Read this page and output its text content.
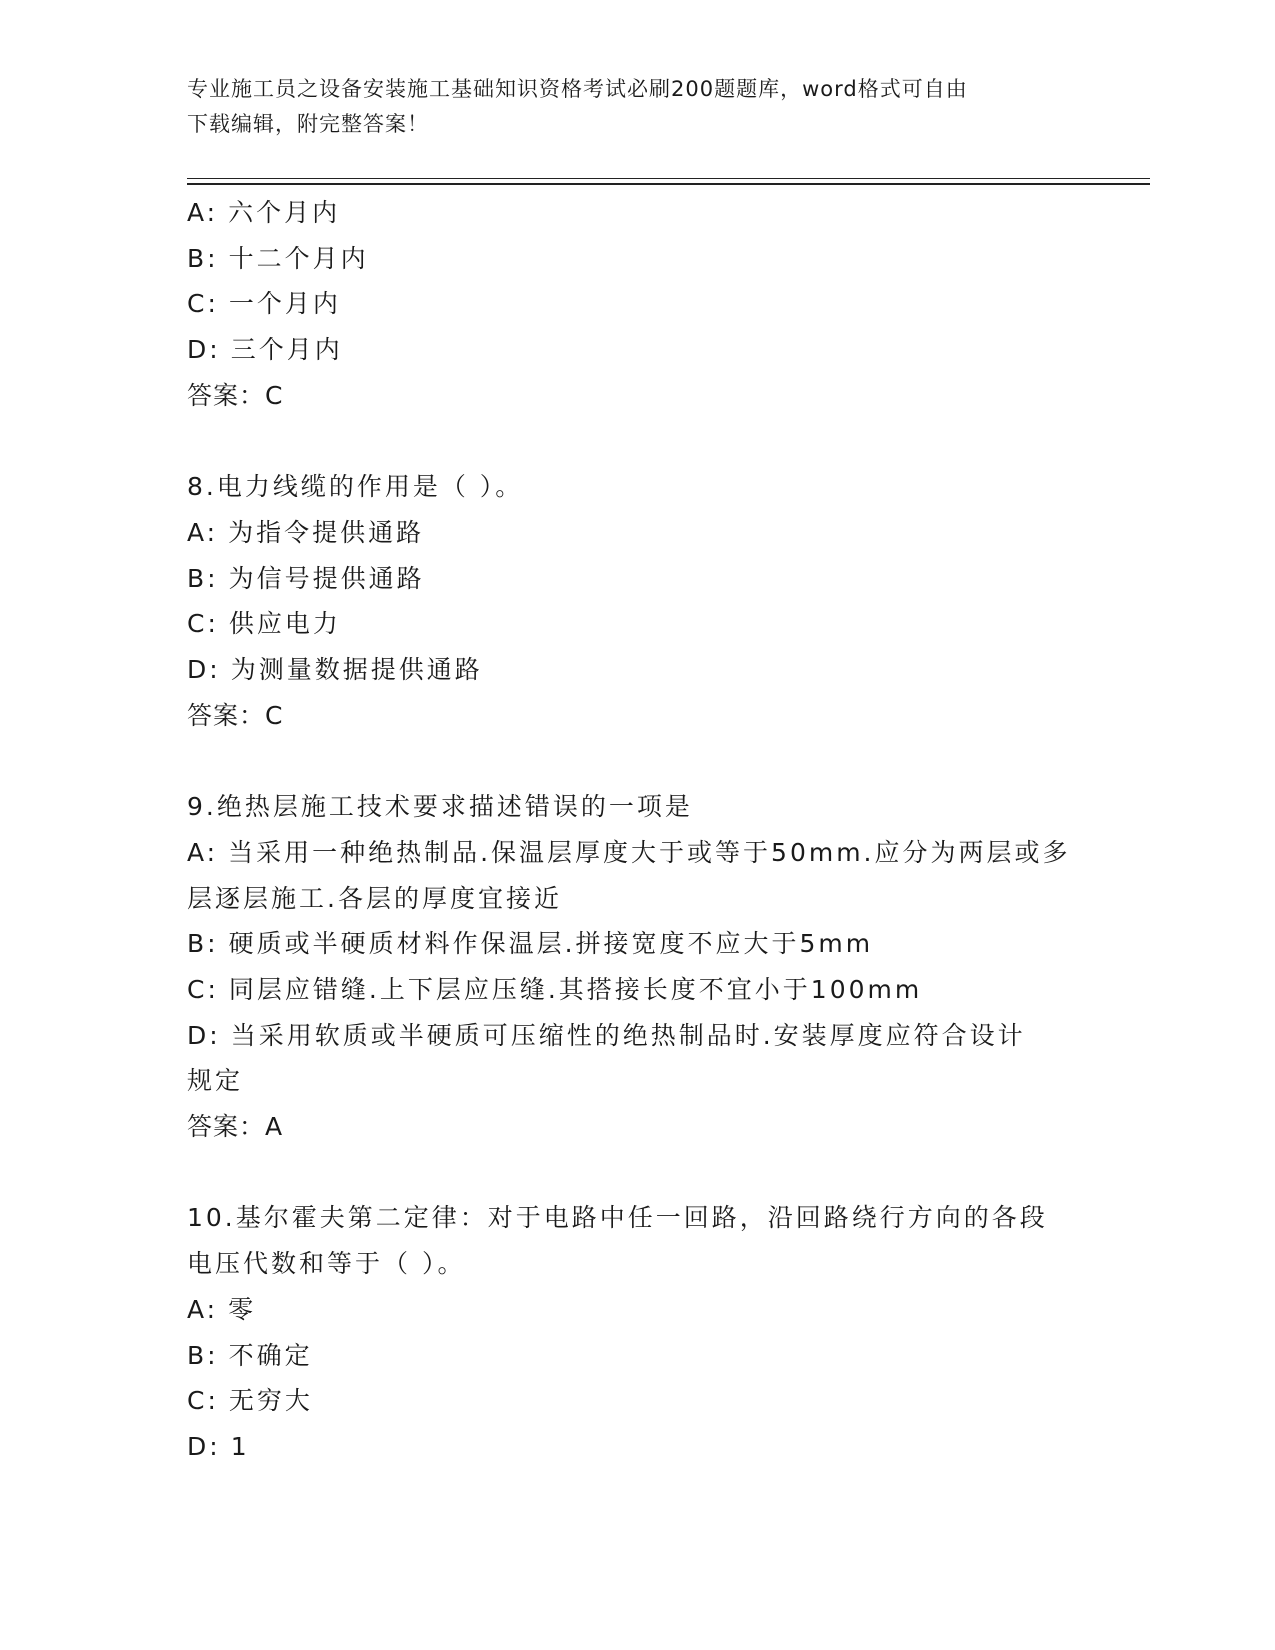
专业施工员之设备安装施工基础知识资格考试必刷200题题库，word格式可自由
下载编辑，附完整答案！
A: 六个月内
B: 十二个月内
C: 一个月内
D: 三个月内
答案：C
8.电力线缆的作用是（ ）。
A: 为指令提供通路
B: 为信号提供通路
C: 供应电力
D: 为测量数据提供通路
答案：C
9.绝热层施工技术要求描述错误的一项是
A: 当采用一种绝热制品.保温层厚度大于或等于50mm.应分为两层或多
层逐层施工.各层的厚度宜接近
B: 硬质或半硬质材料作保温层.拼接宽度不应大于5mm
C: 同层应错缝.上下层应压缝.其搭接长度不宜小于100mm
D: 当采用软质或半硬质可压缩性的绝热制品时.安装厚度应符合设计
规定
答案：A
10.基尔霍夫第二定律：对于电路中任一回路，沿回路绕行方向的各段
电压代数和等于（ ）。
A: 零
B: 不确定
C: 无穷大
D: 1
